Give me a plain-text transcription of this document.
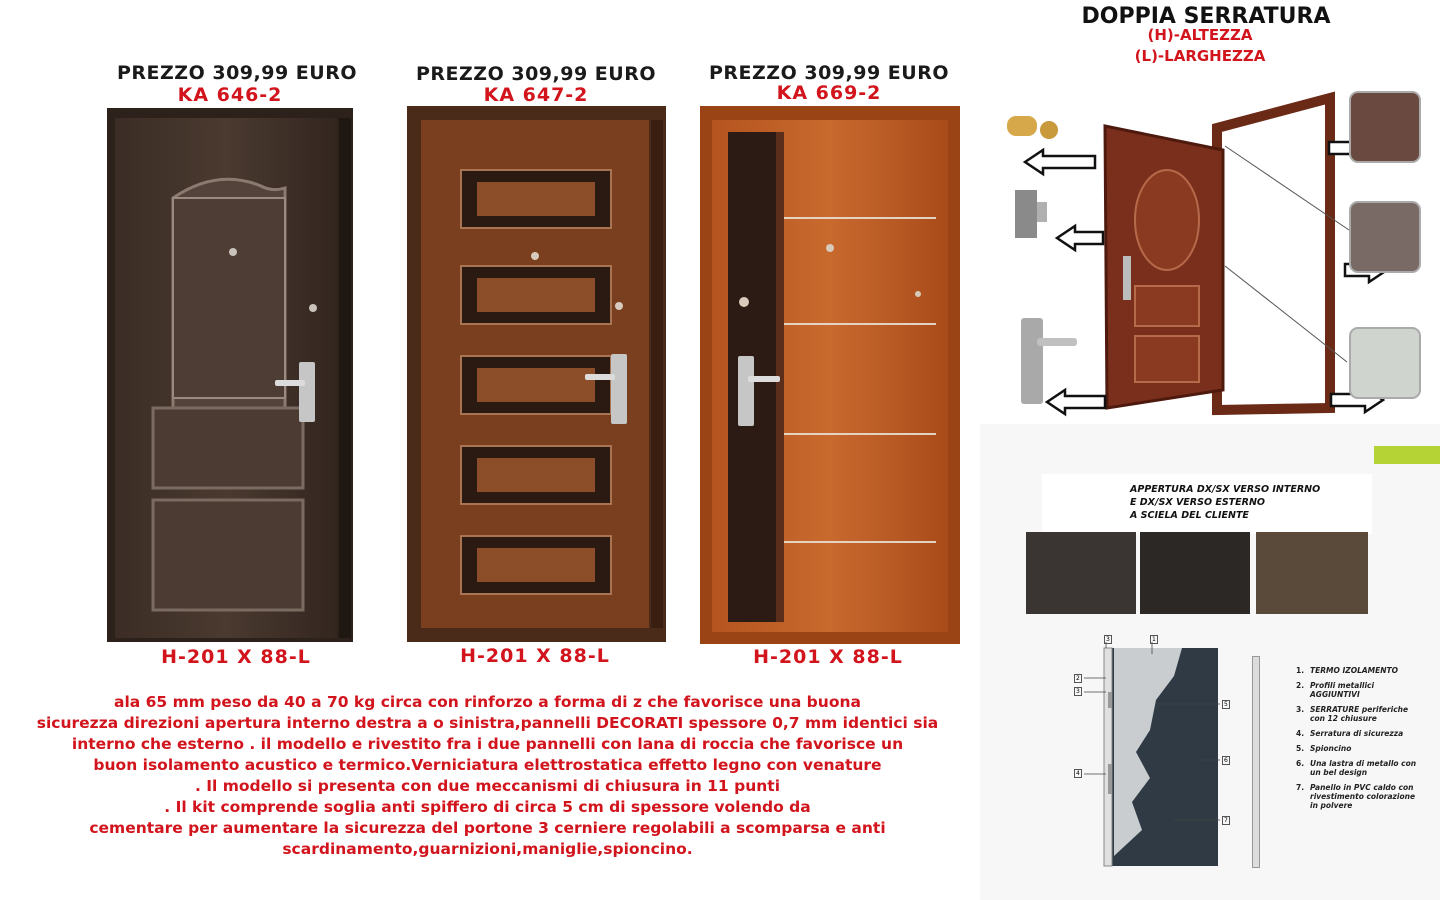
PREZZO 309,99 EURO
KA 646-2
H-201 X 88-L
PREZZO 309,99 EURO
KA 647-2
H-201 X 88-L
PREZZO 309,99 EURO
KA 669-2
H-201 X 88-L
ala 65 mm peso da 40 a 70 kg circa con rinforzo a forma di z che favorisce una buona
sicurezza direzioni apertura interno destra a o sinistra,pannelli DECORATI spessore 0,7 mm identici sia
interno che esterno . il modello e rivestito fra i due pannelli con lana di roccia che favorisce un
buon isolamento acustico e termico.Verniciatura elettrostatica effetto legno con venature
. Il modello si presenta con due meccanismi di chiusura in 11 punti
. Il kit comprende soglia anti spiffero di circa 5 cm di spessore volendo da
cementare per aumentare la sicurezza del portone 3 cerniere regolabili a scomparsa e anti
scardinamento,guarnizioni,maniglie,spioncino.
DOPPIA SERRATURA
(H)-ALTEZZA
(L)-LARGHEZZA
APPERTURA DX/SX VERSO INTERNO
E DX/SX VERSO ESTERNO
A SCIELA DEL CLIENTE
3	1
2
3
4
5
6
7
1. TERMO IZOLAMENTO
2. Profili metallici
AGGIUNTIVI
3. SERRATURE periferiche
con 12 chiusure
4. Serratura di sicurezza
5. Spioncino
6. Una lastra di metallo con
un bel design
7. Panello in PVC caldo con
rivestimento colorazione
in polvere
